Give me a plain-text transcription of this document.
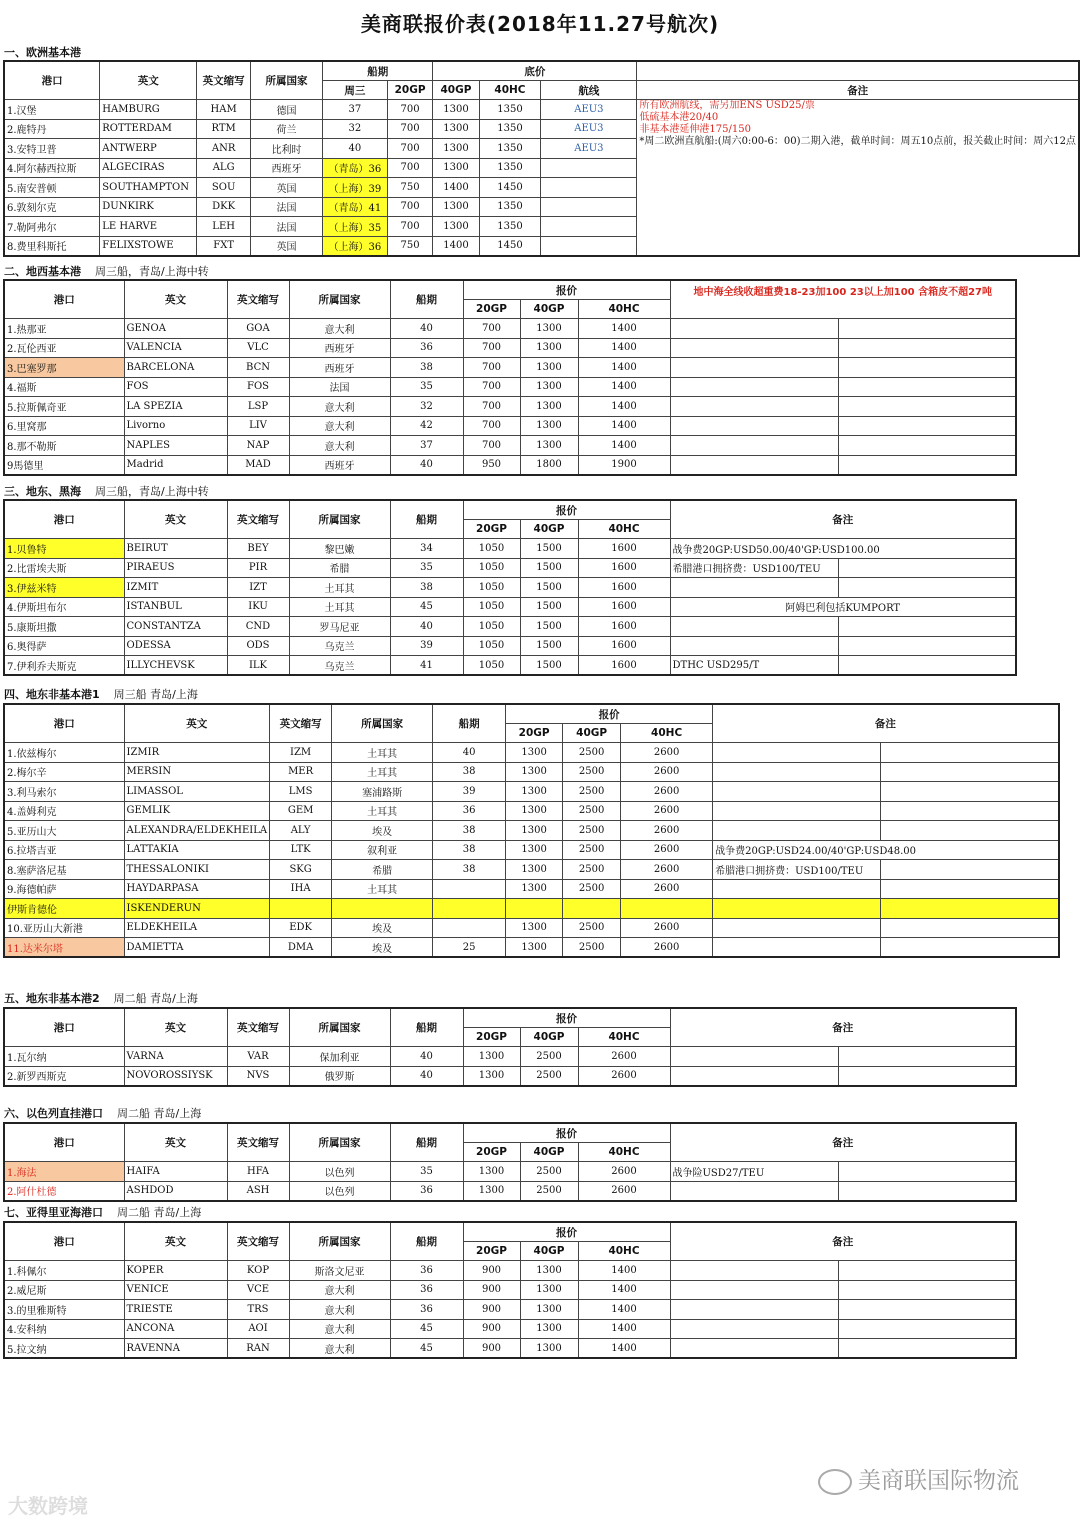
美商联报价表(2018年11.27号航次)
一、欧洲基本港
港口	英文	英文缩写	所属国家	船期		底价			
				周三	20GP	40GP	40HC	航线	备注
1.汉堡	HAMBURG	HAM	德国	37	700	1300	1350	AEU3	所有欧洲航线，需另加ENS USD25/票
低硫基本港20/40
非基本港延伸港175/150
*周二欧洲直航船:(周六0:00-6：00)二期入港，截单时间：周五10点前，报关截止时间：周六12点

2.鹿特丹	ROTTERDAM	RTM	荷兰	32	700	1300	1350	AEU3	
3.安特卫普	ANTWERP	ANR	比利时	40	700	1300	1350	AEU3	
4.阿尔赫西拉斯	ALGECIRAS	ALG	西班牙	（青岛）36	700	1300	1350		
5.南安普顿	SOUTHAMPTON	SOU	英国	（上海）39	750	1400	1450		
6.敦刻尔克	DUNKIRK	DKK	法国	（青岛）41	700	1300	1350		
7.勒阿弗尔	LE HARVE	LEH	法国	（上海）35	700	1300	1350		
8.费里科斯托	FELIXSTOWE	FXT	英国	（上海）36	750	1400	1450		
二、地西基本港 周三船，青岛/上海中转
港口	英文	英文缩写	所属国家	船期	报价			地中海全线收超重费18-23加100 23以上加100 含箱皮不超27吨	
					20GP	40GP	40HC		
1.热那亚	GENOA	GOA	意大利	40	700	1300	1400		
2.瓦伦西亚	VALENCIA	VLC	西班牙	36	700	1300	1400		
3.巴塞罗那	BARCELONA	BCN	西班牙	38	700	1300	1400		
4.福斯	FOS	FOS	法国	35	700	1300	1400		
5.拉斯佩奇亚	LA SPEZIA	LSP	意大利	32	700	1300	1400		
6.里窝那	Livorno	LIV	意大利	42	700	1300	1400		
8.那不勒斯	NAPLES	NAP	意大利	37	700	1300	1400		
9馬德里	Madrid	MAD	西班牙	40	950	1800	1900		
三、地东、黑海 周三船，青岛/上海中转
港口	英文	英文缩写	所属国家	船期	报价			备注	
					20GP	40GP	40HC		
1.贝鲁特	BEIRUT	BEY	黎巴嫩	34	1050	1500	1600	战争费20GP:USD50.00/40'GP:USD100.00	
2.比雷埃夫斯	PIRAEUS	PIR	希腊	35	1050	1500	1600	希腊港口拥挤费：USD100/TEU	
3.伊兹米特	IZMIT	IZT	土耳其	38	1050	1500	1600		
4.伊斯坦布尔	ISTANBUL	IKU	土耳其	45	1050	1500	1600	阿姆巴利包括KUMPORT	
5.康斯坦撒	CONSTANTZA	CND	罗马尼亚	40	1050	1500	1600		
6.奥得萨	ODESSA	ODS	乌克兰	39	1050	1500	1600		
7.伊利乔夫斯克	ILLYCHEVSK	ILK	乌克兰	41	1050	1500	1600	DTHC USD295/T	
四、地东非基本港1 周三船 青岛/上海
港口	英文	英文缩写	所属国家	船期	报价			备注	
					20GP	40GP	40HC		
1.依兹梅尔	IZMIR	IZM	土耳其	40	1300	2500	2600		
2.梅尔辛	MERSIN	MER	土耳其	38	1300	2500	2600		
3.利马索尔	LIMASSOL	LMS	塞浦路斯	39	1300	2500	2600		
4.盖姆利克	GEMLIK	GEM	土耳其	36	1300	2500	2600		
5.亚历山大	ALEXANDRA/ELDEKHEILA	ALY	埃及	38	1300	2500	2600		
6.拉塔吉亚	LATTAKIA	LTK	叙利亚	38	1300	2500	2600	战争费20GP:USD24.00/40'GP:USD48.00	
8.塞萨洛尼基	THESSALONIKI	SKG	希腊	38	1300	2500	2600	希腊港口拥挤费：USD100/TEU	
9.海德帕萨	HAYDARPASA	IHA	土耳其		1300	2500	2600		
伊斯肯德伦	ISKENDERUN								
10.亚历山大新港	ELDEKHEILA	EDK	埃及		1300	2500	2600		
11.达米尔塔	DAMIETTA	DMA	埃及	25	1300	2500	2600		
五、地东非基本港2 周二船 青岛/上海
港口	英文	英文缩写	所属国家	船期	报价			备注	
					20GP	40GP	40HC		
1.瓦尔纳	VARNA	VAR	保加利亚	40	1300	2500	2600		
2.新罗西斯克	NOVOROSSIYSK	NVS	俄罗斯	40	1300	2500	2600		
六、以色列直挂港口 周二船 青岛/上海
港口	英文	英文缩写	所属国家	船期	报价			备注	
					20GP	40GP	40HC		
1.海法	HAIFA	HFA	以色列	35	1300	2500	2600	战争险USD27/TEU	
2.阿什杜德	ASHDOD	ASH	以色列	36	1300	2500	2600		
七、亚得里亚海港口 周二船 青岛/上海
港口	英文	英文缩写	所属国家	船期	报价			备注	
					20GP	40GP	40HC		
1.科佩尔	KOPER	KOP	斯洛文尼亚	36	900	1300	1400		
2.威尼斯	VENICE	VCE	意大利	36	900	1300	1400		
3.的里雅斯特	TRIESTE	TRS	意大利	36	900	1300	1400		
4.安科纳	ANCONA	AOI	意大利	45	900	1300	1400		
5.拉文纳	RAVENNA	RAN	意大利	45	900	1300	1400		
大数跨境
美商联国际物流
